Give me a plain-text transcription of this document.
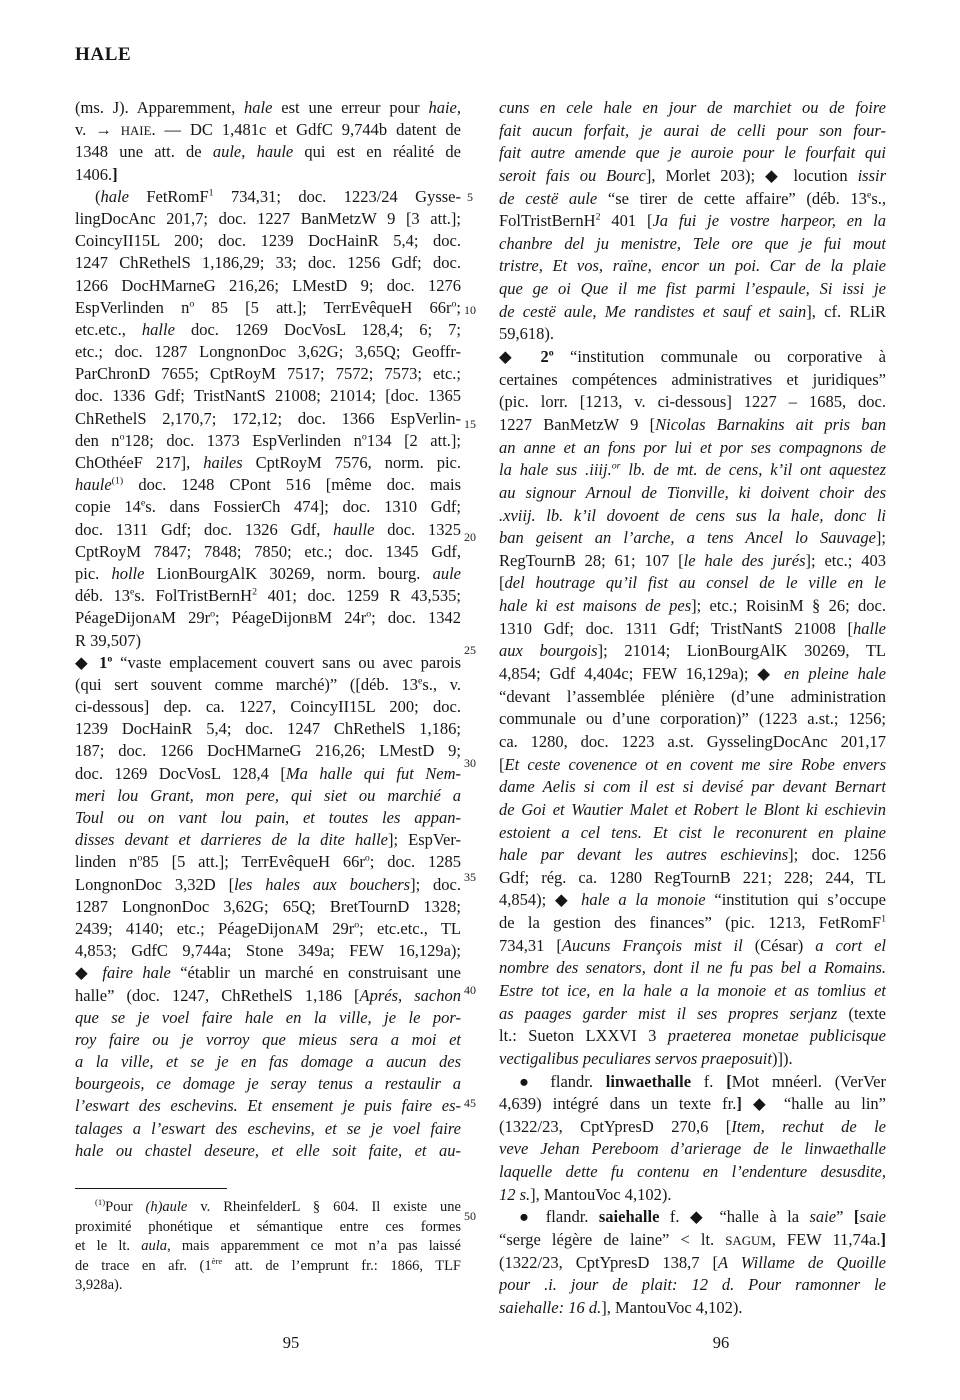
HALE
(ms. J). Apparemment, hale est une erreur pour haie,
v. → HAIE. — DC 1,481c et GdfC 9,744b datent de
1348 une att. de aule, haule qui est en réalité de
1406.]
(hale FetRomF$^1$ 734,31; doc. 1223/24 Gysse-
lingDocAnc 201,7; doc. 1227 BanMetzW 9 [3 att.];
CoincyII15L 200; doc. 1239 DocHainR 5,4; doc.
1247 ChRethelS 1,186,29; 33; doc. 1256 Gdf; doc.
1266 DocHMarneG 216,26; LMestD 9; doc. 1276
EspVerlinden $n^o$ 85 [5 att.]; TerrEvêqueH $66r^o$;
etc.etc., halle doc. 1269 DocVosL 128,4; 6; 7;
etc.; doc. 1287 LongnonDoc 3,62G; 3,65Q; Geoffr-
ParChronD 7655; CptRoyM 7517; 7572; 7573; etc.;
doc. 1336 Gdf; TristNantS 21008; 21014; [doc. 1365
ChRethelS 2,170,7; 172,12; doc. 1366 EspVerlin-
den $n^o128$; doc. 1373 EspVerlinden $n^o134$ [2 att.];
ChOthéeF 217], hailes CptRoyM 7576, norm. pic.
haule$^{(1)}$ doc. 1248 CPont 516 [même doc. mais
copie 14es. dans FossierCh 474]; doc. 1310 Gdf;
doc. 1311 Gdf; doc. 1326 Gdf, haulle doc. 1325
CptRoyM 7847; 7848; 7850; etc.; doc. 1345 Gdf,
pic. holle LionBourgAlK 30269, norm. bourg. aule
déb. 13es. FolTristBernH$^2$ 401; doc. 1259 R 43,535;
PéageDijonAM $29r^o$; PéageDijonBM $24r^o$; doc. 1342
R 39,507)
◆ 1$^o$ “vaste emplacement couvert sans ou avec parois
(qui sert souvent comme marché)” ([déb. 13es., v.
ci-dessous] dep. ca. 1227, CoincyII15L 200; doc.
1239 DocHainR 5,4; doc. 1247 ChRethelS 1,186;
187; doc. 1266 DocHMarneG 216,26; LMestD 9;
doc. 1269 DocVosL 128,4 [Ma halle qui fut Nem-
meri lou Grant, mon pere, qui siet ou marchié a
Toul ou on vant lou pain, et toutes les appan-
disses devant et darrieres de la dite halle]; EspVer-
linden $n^o85$ [5 att.]; TerrEvêqueH $66r^o$; doc. 1285
LongnonDoc 3,32D [les hales aux bouchers]; doc.
1287 LongnonDoc 3,62G; 65Q; BretTournD 1328;
2439; 4140; etc.; PéageDijonAM $29r^o$; etc.etc., TL
4,853; GdfC 9,744a; Stone 349a; FEW 16,129a);
◆ faire hale “établir un marché en construisant une
halle” (doc. 1247, ChRethelS 1,186 [Aprés, sachon
que se je voel faire hale en la ville, je le por-
roy faire ou je vorroy que mieus sera a moi et
a la ville, et se je en fas domage a aucun des
bourgeois, ce domage je seray tenus a restaulir a
l’eswart des eschevins. Et ensement je puis faire es-
talages a l’eswart des eschevins, et se je voel faire
hale ou chastel deseure, et elle soit faite, et au-
5
10
15
20
25
30
35
40
45
50
cuns en cele hale en jour de marchiet ou de foire
fait aucun forfait, je aurai de celli pour son four-
fait autre amende que je auroie pour le fourfait qui
seroit fais ou Bourc], Morlet 203); ◆ locution issir
de cestë aule “se tirer de cette affaire” (déb. 13es.,
FolTristBernH$^2$ 401 [Ja fui je vostre harpeor, en la
chanbre del ju menistre, Tele ore que je fui mout
tristre, Et vos, raïne, encor un poi. Car de la plaie
que ge oi Que il me fist parmi l’espaule, Si issi je
de cestë aule, Me randistes et sauf et sain], cf. RLiR
59,618).
◆ 2$^o$ “institution communale ou corporative à
certaines compétences administratives et juridiques”
(pic. lorr. [1213, v. ci-dessous] 1227 – 1685, doc.
1227 BanMetzW 9 [Nicolas Barnakins ait pris ban
an anne et an fons por lui et por ses compagnons de
la hale sus .iiij.$^{or}$ lb. de mt. de cens, k’il ont aquestez
au signour Arnoul de Tionville, ki doivent choir des
.xviij. lb. k’il dovoent de cens sus la hale, donc li
ban geisent an l’arche, a tens Ancel lo Sauvage];
RegTournB 28; 61; 107 [le hale des jurés]; etc.; 403
[del houtrage qu’il fist au consel de le ville en le
hale ki est maisons de pes]; etc.; RoisinM § 26; doc.
1310 Gdf; doc. 1311 Gdf; TristNantS 21008 [halle
aux bourgois]; 21014; LionBourgAlK 30269, TL
4,854; Gdf 4,404c; FEW 16,129a); ◆ en pleine hale
“devant l’assemblée plénière (d’une administration
communale ou d’une corporation)” (1223 a.st.; 1256;
ca. 1280, doc. 1223 a.st. GysselingDocAnc 201,17
[Et ceste covenence ot en covent me sire Robe envers
dame Aelis si com il est si devisé par devant Bernart
de Goi et Wautier Malet et Robert le Blont ki eschievin
estoient a cel tens. Et cist le reconurent en plaine
hale par devant les autres eschievins]; doc. 1256
Gdf; rég. ca. 1280 RegTournB 221; 228; 244, TL
4,854); ◆ hale a la monoie “institution qui s’occupe
de la gestion des finances” (pic. 1213, FetRomF$^1$
734,31 [Aucuns François mist il (César) a cort el
nombre des senators, dont il ne fu pas bel a Romains.
Estre tot ice, en la hale a la monoie et as tomlius et
as paages garder mist il ses propres serjanz (texte
lt.: Sueton LXXVI 3 praeterea monetae publicisque
vectigalibus peculiares servos praeposuit)]).
● flandr. linwaethalle f. [Mot mnéerl. (VerVer
4,639) intégré dans un texte fr.] ◆ “halle au lin”
(1322/23, CptYpresD 270,6 [Item, rechut de le
veve Jehan Pereboom d’arierage de le linwaethalle
laquelle dette fu contenu en l’endenture desusdite,
12 s.], MantouVoc 4,102).
● flandr. saiehalle f. ◆ “halle à la saie” [saie
“serge légère de laine” < lt. SAGUM, FEW 11,74a.]
(1322/23, CptYpresD 138,7 [A Willame de Quoille
pour .i. jour de plait: 12 d. Pour ramonner le
saiehalle: 16 d.], MantouVoc 4,102).
$^{(1)}$Pour (h)aule v. RheinfelderL § 604. Il existe une
proximité phonétique et sémantique entre ces formes
et le lt. aula, mais apparemment ce mot n’a pas laissé
de trace en afr. (1ère att. de l’emprunt fr.: 1866, TLF
3,928a).
95	96
